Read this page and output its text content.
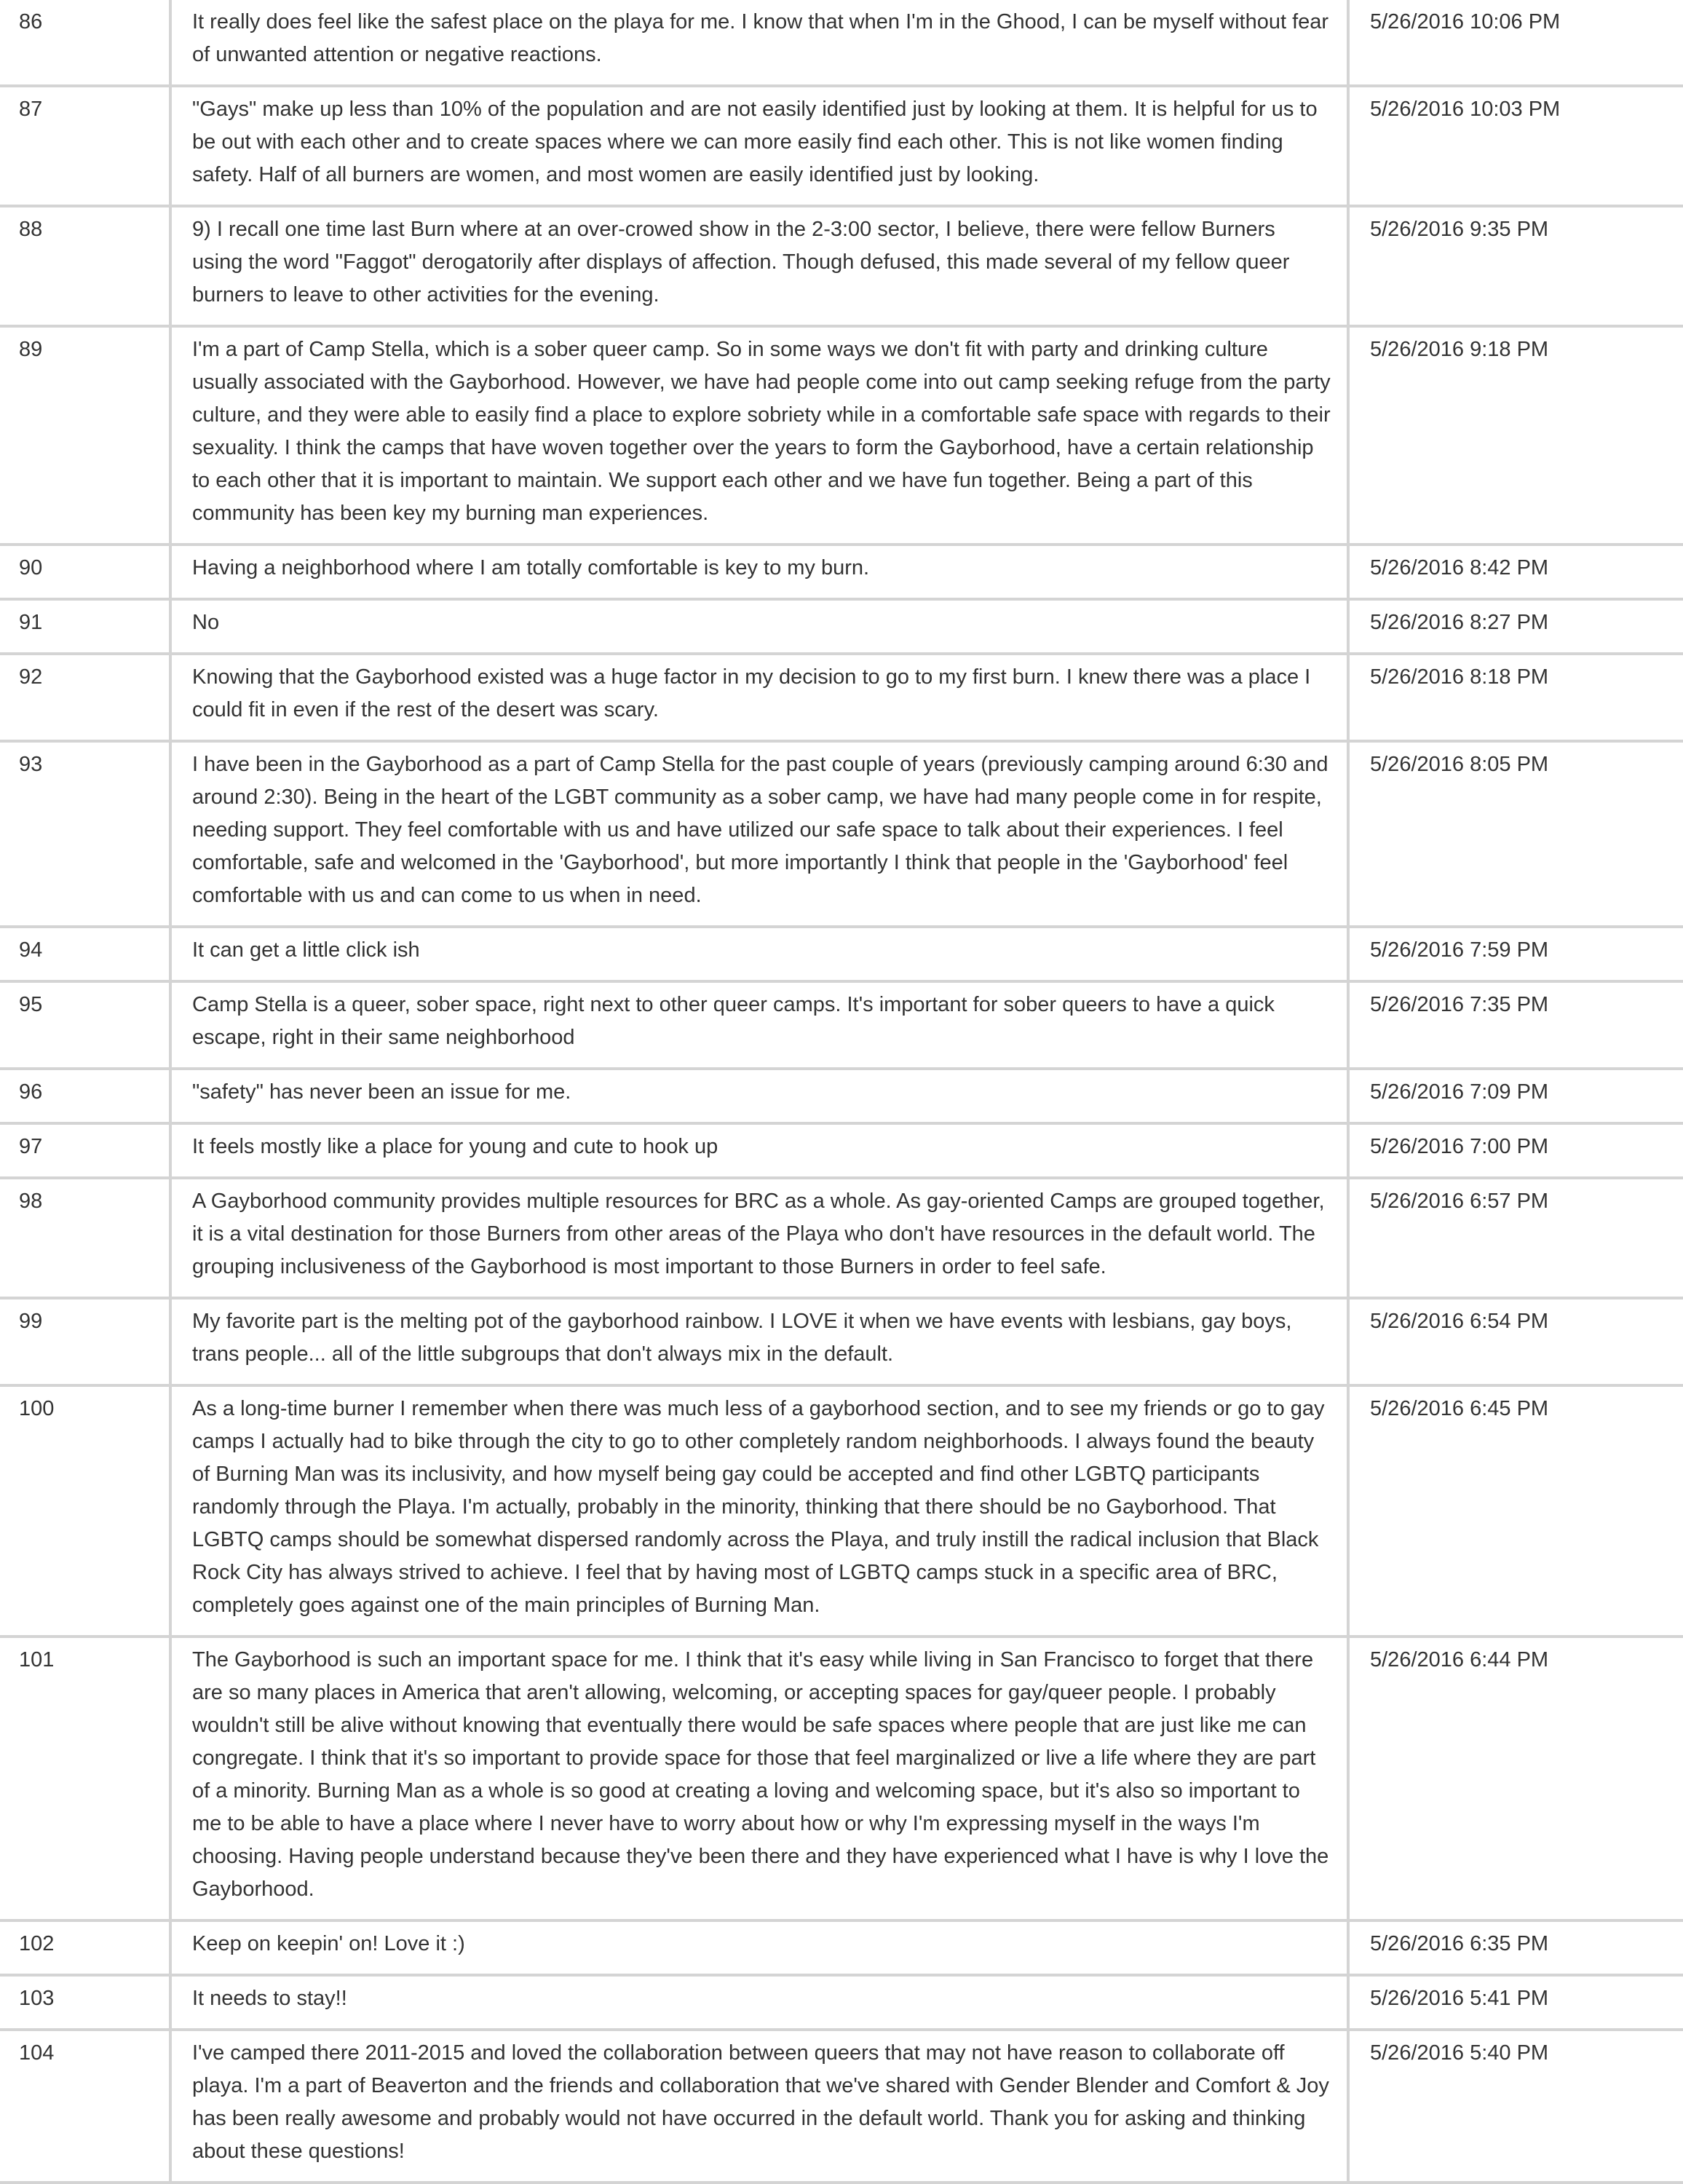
86	It really does feel like the safest place on the playa for me. I know that when I'm in the Ghood, I can be myself without fear of unwanted attention or negative reactions.	5/26/2016 10:06 PM
87	"Gays" make up less than 10% of the population and are not easily identified just by looking at them. It is helpful for us to be out with each other and to create spaces where we can more easily find each other. This is not like women finding safety. Half of all burners are women, and most women are easily identified just by looking.	5/26/2016 10:03 PM
88	9) I recall one time last Burn where at an over-crowed show in the 2-3:00 sector, I believe, there were fellow Burners using the word "Faggot" derogatorily after displays of affection. Though defused, this made several of my fellow queer burners to leave to other activities for the evening.	5/26/2016 9:35 PM
89	I'm a part of Camp Stella, which is a sober queer camp. So in some ways we don't fit with party and drinking culture usually associated with the Gayborhood. However, we have had people come into out camp seeking refuge from the party culture, and they were able to easily find a place to explore sobriety while in a comfortable safe space with regards to their sexuality. I think the camps that have woven together over the years to form the Gayborhood, have a certain relationship to each other that it is important to maintain. We support each other and we have fun together. Being a part of this community has been key my burning man experiences.	5/26/2016 9:18 PM
90	Having a neighborhood where I am totally comfortable is key to my burn.	5/26/2016 8:42 PM
91	No	5/26/2016 8:27 PM
92	Knowing that the Gayborhood existed was a huge factor in my decision to go to my first burn. I knew there was a place I could fit in even if the rest of the desert was scary.	5/26/2016 8:18 PM
93	I have been in the Gayborhood as a part of Camp Stella for the past couple of years (previously camping around 6:30 and around 2:30). Being in the heart of the LGBT community as a sober camp, we have had many people come in for respite, needing support. They feel comfortable with us and have utilized our safe space to talk about their experiences. I feel comfortable, safe and welcomed in the 'Gayborhood', but more importantly I think that people in the 'Gayborhood' feel comfortable with us and can come to us when in need.	5/26/2016 8:05 PM
94	It can get a little click ish	5/26/2016 7:59 PM
95	Camp Stella is a queer, sober space, right next to other queer camps. It's important for sober queers to have a quick escape, right in their same neighborhood	5/26/2016 7:35 PM
96	"safety" has never been an issue for me.	5/26/2016 7:09 PM
97	It feels mostly like a place for young and cute to hook up	5/26/2016 7:00 PM
98	A Gayborhood community provides multiple resources for BRC as a whole. As gay-oriented Camps are grouped together, it is a vital destination for those Burners from other areas of the Playa who don't have resources in the default world. The grouping inclusiveness of the Gayborhood is most important to those Burners in order to feel safe.	5/26/2016 6:57 PM
99	My favorite part is the melting pot of the gayborhood rainbow. I LOVE it when we have events with lesbians, gay boys, trans people... all of the little subgroups that don't always mix in the default.	5/26/2016 6:54 PM
100	As a long-time burner I remember when there was much less of a gayborhood section, and to see my friends or go to gay camps I actually had to bike through the city to go to other completely random neighborhoods. I always found the beauty of Burning Man was its inclusivity, and how myself being gay could be accepted and find other LGBTQ participants randomly through the Playa. I'm actually, probably in the minority, thinking that there should be no Gayborhood. That LGBTQ camps should be somewhat dispersed randomly across the Playa, and truly instill the radical inclusion that Black Rock City has always strived to achieve. I feel that by having most of LGBTQ camps stuck in a specific area of BRC, completely goes against one of the main principles of Burning Man.	5/26/2016 6:45 PM
101	The Gayborhood is such an important space for me. I think that it's easy while living in San Francisco to forget that there are so many places in America that aren't allowing, welcoming, or accepting spaces for gay/queer people. I probably wouldn't still be alive without knowing that eventually there would be safe spaces where people that are just like me can congregate. I think that it's so important to provide space for those that feel marginalized or live a life where they are part of a minority. Burning Man as a whole is so good at creating a loving and welcoming space, but it's also so important to me to be able to have a place where I never have to worry about how or why I'm expressing myself in the ways I'm choosing. Having people understand because they've been there and they have experienced what I have is why I love the Gayborhood.	5/26/2016 6:44 PM
102	Keep on keepin' on! Love it :)	5/26/2016 6:35 PM
103	It needs to stay!!	5/26/2016 5:41 PM
104	I've camped there 2011-2015 and loved the collaboration between queers that may not have reason to collaborate off playa. I'm a part of Beaverton and the friends and collaboration that we've shared with Gender Blender and Comfort & Joy has been really awesome and probably would not have occurred in the default world. Thank you for asking and thinking about these questions!	5/26/2016 5:40 PM
